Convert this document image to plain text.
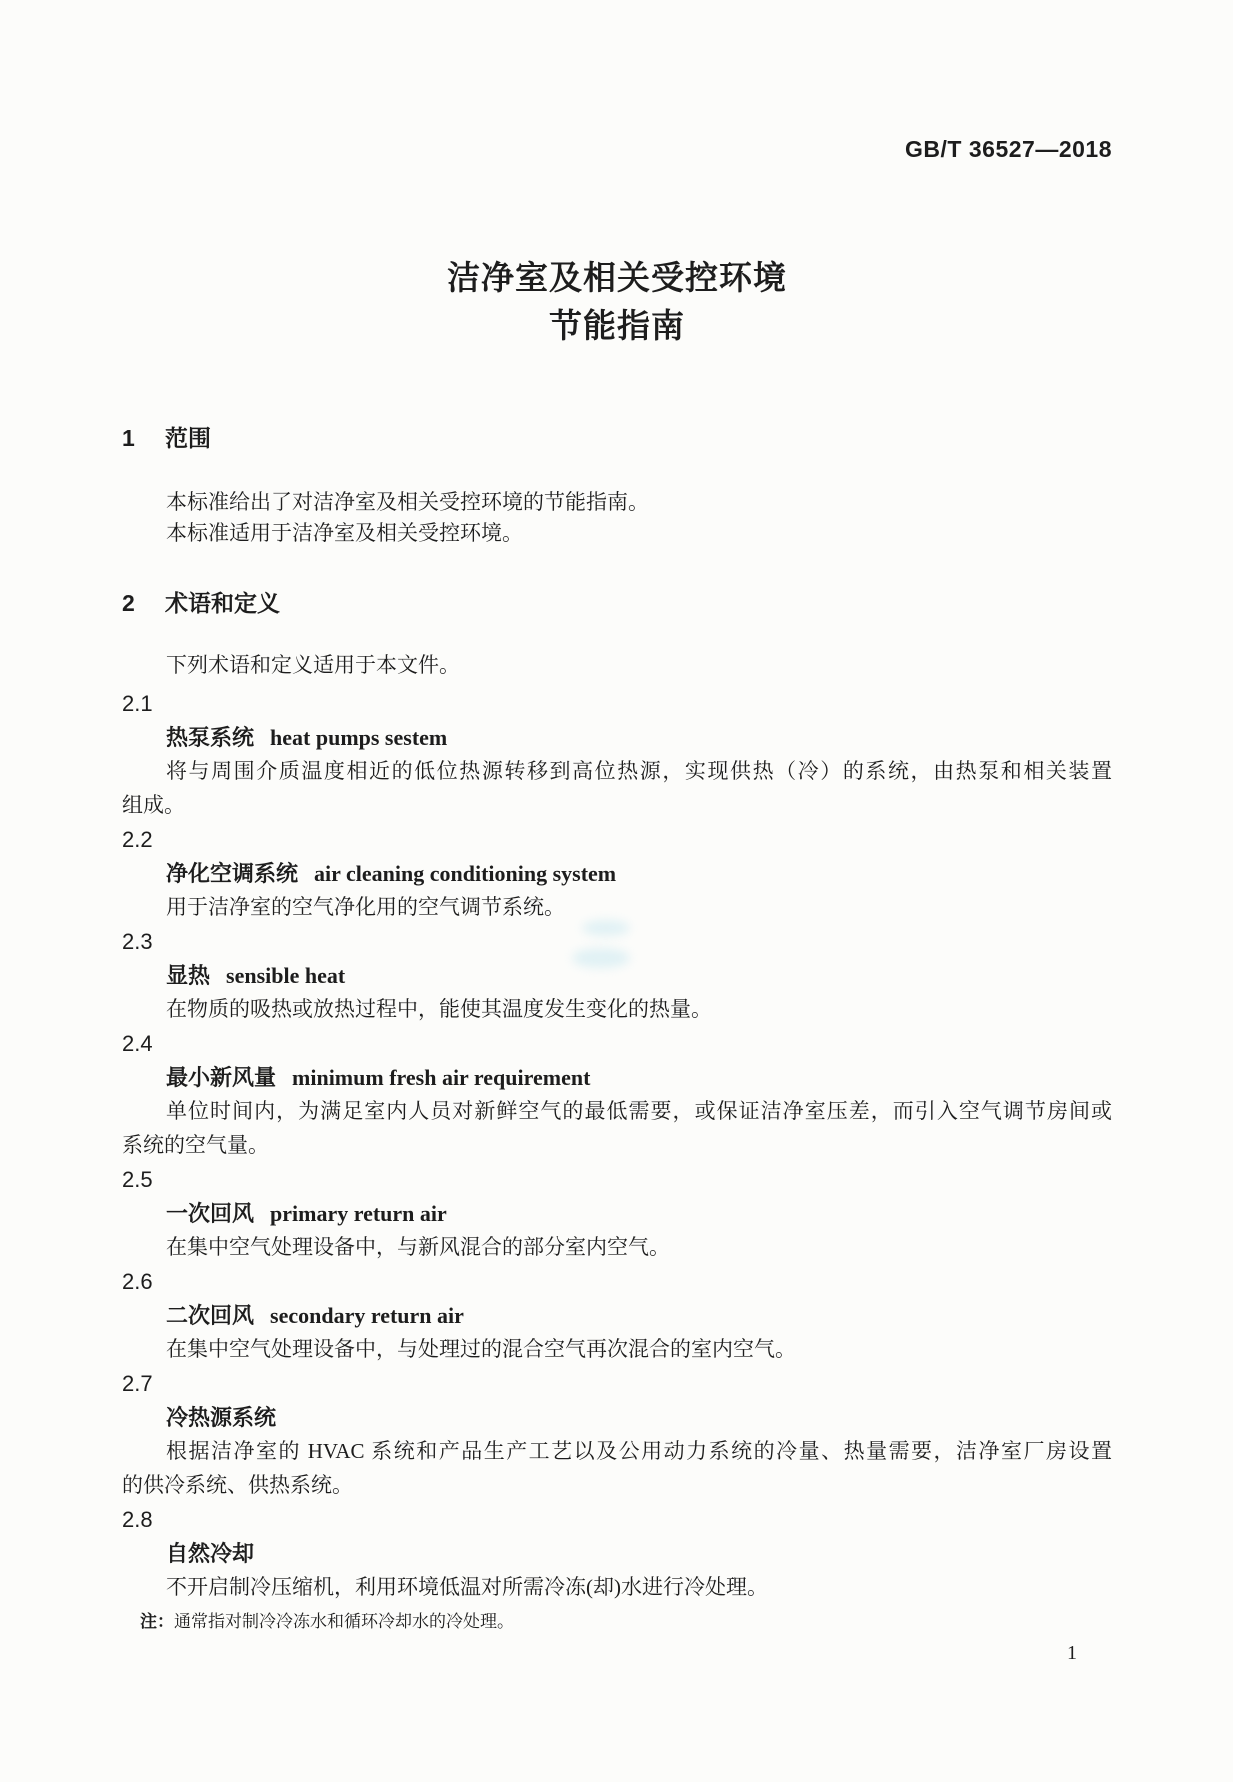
GB/T 36527—2018
洁净室及相关受控环境
节能指南
1 范围

本标准给出了对洁净室及相关受控环境的节能指南。

本标准适用于洁净室及相关受控环境。

2 术语和定义

下列术语和定义适用于本文件。

2.1
热泵系统 heat pumps sestem

将与周围介质温度相近的低位热源转移到高位热源，实现供热（冷）的系统，由热泵和相关装置

组成。

2.2
净化空调系统 air cleaning conditioning system

用于洁净室的空气净化用的空气调节系统。

2.3
显热 sensible heat

在物质的吸热或放热过程中，能使其温度发生变化的热量。

2.4
最小新风量 minimum fresh air requirement

单位时间内，为满足室内人员对新鲜空气的最低需要，或保证洁净室压差，而引入空气调节房间或

系统的空气量。

2.5
一次回风 primary return air

在集中空气处理设备中，与新风混合的部分室内空气。

2.6
二次回风 secondary return air

在集中空气处理设备中，与处理过的混合空气再次混合的室内空气。

2.7
冷热源系统

根据洁净室的 HVAC 系统和产品生产工艺以及公用动力系统的冷量、热量需要，洁净室厂房设置

的供冷系统、供热系统。

2.8
自然冷却

不开启制冷压缩机，利用环境低温对所需冷冻(却)水进行冷处理。

注：通常指对制冷冷冻水和循环冷却水的冷处理。

1
